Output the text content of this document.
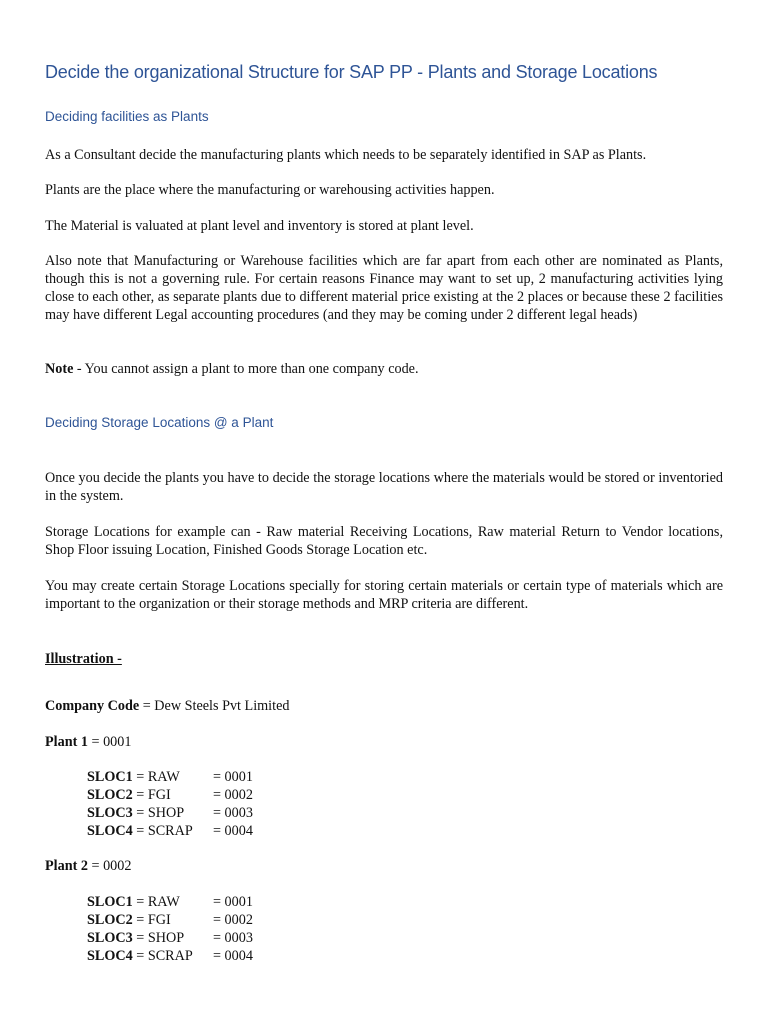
Decide the organizational Structure for SAP PP - Plants and Storage Locations
Deciding facilities as Plants
As a Consultant decide the manufacturing plants which needs to be separately identified in SAP as Plants.
Plants are the place where the manufacturing or warehousing activities happen.
The Material is valuated at plant level and inventory is stored at plant level.
Also note that Manufacturing or Warehouse facilities which are far apart from each other are nominated as Plants, though this is not a governing rule. For certain reasons Finance may want to set up, 2 manufacturing activities lying close to each other, as separate plants due to different material price existing at the 2 places or because these 2 facilities may have different Legal accounting procedures (and they may be coming under 2 different legal heads)
Note - You cannot assign a plant to more than one company code.
Deciding Storage Locations @ a Plant
Once you decide the plants you have to decide the storage locations where the materials would be stored or inventoried in the system.
Storage Locations for example can - Raw material Receiving Locations, Raw material Return to Vendor locations, Shop Floor issuing Location, Finished Goods Storage Location etc.
You may create certain Storage Locations specially for storing certain materials or certain type of materials which are important to the organization or their storage methods and MRP criteria are different.
Illustration -
Company Code = Dew Steels Pvt Limited
Plant 1 = 0001
SLOC1 = RAW = 0001
SLOC2 = FGI	= 0002
SLOC3 = SHOP = 0003
SLOC4 = SCRAP = 0004
Plant 2 = 0002
SLOC1 = RAW = 0001
SLOC2 = FGI	= 0002
SLOC3 = SHOP = 0003
SLOC4 = SCRAP = 0004
